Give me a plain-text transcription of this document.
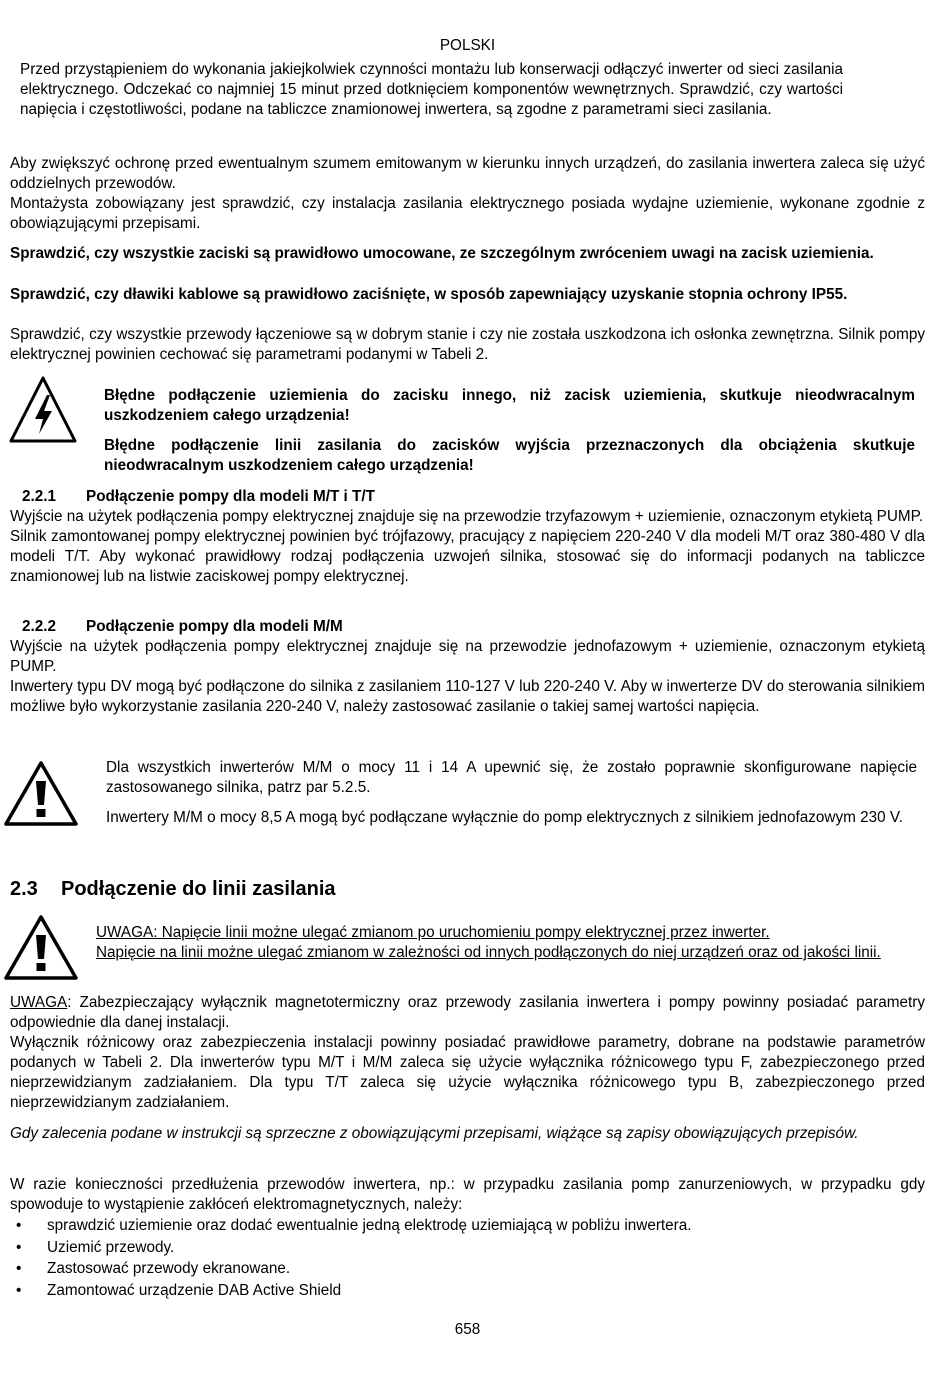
POLSKI
Przed przystąpieniem do wykonania jakiejkolwiek czynności montażu lub konserwacji odłączyć inwerter od sieci zasilania elektrycznego. Odczekać co najmniej 15 minut przed dotknięciem komponentów wewnętrznych. Sprawdzić, czy wartości napięcia i częstotliwości, podane na tabliczce znamionowej inwertera, są zgodne z parametrami sieci zasilania.

Aby zwiększyć ochronę przed ewentualnym szumem emitowanym w kierunku innych urządzeń, do zasilania inwertera zaleca się użyć oddzielnych przewodów.

Montażysta zobowiązany jest sprawdzić, czy instalacja zasilania elektrycznego posiada wydajne uziemienie, wykonane zgodnie z obowiązującymi przepisami.

Sprawdzić, czy wszystkie zaciski są prawidłowo umocowane, ze szczególnym zwróceniem uwagi na zacisk uziemienia.
Sprawdzić, czy dławiki kablowe są prawidłowo zaciśnięte, w sposób zapewniający uzyskanie stopnia ochrony IP55.
Sprawdzić, czy wszystkie przewody łączeniowe są w dobrym stanie i czy nie została uszkodzona ich osłonka zewnętrzna. Silnik pompy elektrycznej powinien cechować się parametrami podanymi w Tabeli 2.
Błędne podłączenie uziemienia do zacisku innego, niż zacisk uziemienia, skutkuje nieodwracalnym uszkodzeniem całego urządzenia!
Błędne podłączenie linii zasilania do zacisków wyjścia przeznaczonych dla obciążenia skutkuje nieodwracalnym uszkodzeniem całego urządzenia!
2.2.1 Podłączenie pompy dla modeli M/T i T/T

Wyjście na użytek podłączenia pompy elektrycznej znajduje się na przewodzie trzyfazowym + uziemienie, oznaczonym etykietą PUMP.

Silnik zamontowanej pompy elektrycznej powinien być trójfazowy, pracujący z napięciem 220-240 V dla modeli M/T oraz 380-480 V dla modeli T/T. Aby wykonać prawidłowy rodzaj podłączenia uzwojeń silnika, stosować się do informacji podanych na tabliczce znamionowej lub na listwie zaciskowej pompy elektrycznej.

2.2.2 Podłączenie pompy dla modeli M/M

Wyjście na użytek podłączenia pompy elektrycznej znajduje się na przewodzie jednofazowym + uziemienie, oznaczonym etykietą PUMP.

Inwertery typu DV mogą być podłączone do silnika z zasilaniem 110-127 V lub 220-240 V. Aby w inwerterze DV do sterowania silnikiem możliwe było wykorzystanie zasilania 220-240 V, należy zastosować zasilanie o takiej samej wartości napięcia.

Dla wszystkich inwerterów M/M o mocy 11 i 14 A upewnić się, że zostało poprawnie skonfigurowane napięcie zastosowanego silnika, patrz par 5.2.5.
Inwertery M/M o mocy 8,5 A mogą być podłączane wyłącznie do pomp elektrycznych z silnikiem jednofazowym 230 V.
2.3 Podłączenie do linii zasilania
UWAGA: Napięcie linii możne ulegać zmianom po uruchomieniu pompy elektrycznej przez inwerter.
Napięcie na linii możne ulegać zmianom w zależności od innych podłączonych do niej urządzeń oraz od jakości linii.
UWAGA: Zabezpieczający wyłącznik magnetotermiczny oraz przewody zasilania inwertera i pompy powinny posiadać parametry odpowiednie dla danej instalacji.
Wyłącznik różnicowy oraz zabezpieczenia instalacji powinny posiadać prawidłowe parametry, dobrane na podstawie parametrów podanych w Tabeli 2. Dla inwerterów typu M/T i M/M zaleca się użycie wyłącznika różnicowego typu F, zabezpieczonego przed nieprzewidzianym zadziałaniem. Dla typu T/T zaleca się użycie wyłącznika różnicowego typu B, zabezpieczonego przed nieprzewidzianym zadziałaniem.
Gdy zalecenia podane w instrukcji są sprzeczne z obowiązującymi przepisami, wiążące są zapisy obowiązujących przepisów.
W razie konieczności przedłużenia przewodów inwertera, np.: w przypadku zasilania pomp zanurzeniowych, w przypadku gdy spowoduje to wystąpienie zakłóceń elektromagnetycznych, należy:
• sprawdzić uziemienie oraz dodać ewentualnie jedną elektrodę uziemiającą w pobliżu inwertera.
• Uziemić przewody.
• Zastosować przewody ekranowane.
• Zamontować urządzenie DAB Active Shield
658
